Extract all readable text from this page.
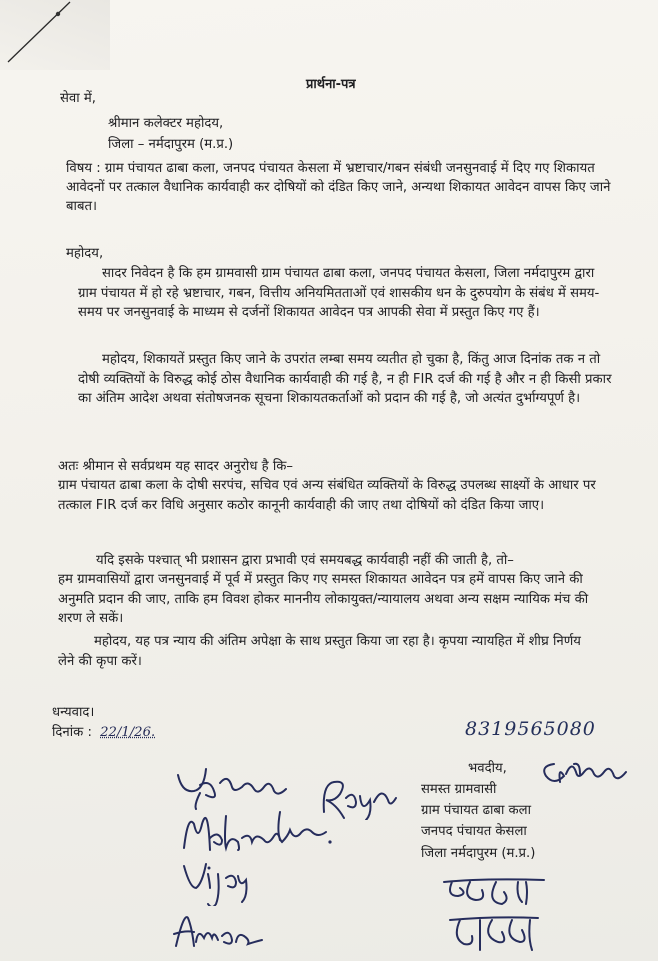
प्रार्थना-पत्र
सेवा में,
श्रीमान कलेक्टर महोदय,
जिला – नर्मदापुरम (म.प्र.)
विषय : ग्राम पंचायत ढाबा कला, जनपद पंचायत केसला में भ्रष्टाचार/गबन संबंधी जनसुनवाई में दिए गए शिकायत आवेदनों पर तत्काल वैधानिक कार्यवाही कर दोषियों को दंडित किए जाने, अन्यथा शिकायत आवेदन वापस किए जाने बाबत।
महोदय,
सादर निवेदन है कि हम ग्रामवासी ग्राम पंचायत ढाबा कला, जनपद पंचायत केसला, जिला नर्मदापुरम द्वारा ग्राम पंचायत में हो रहे भ्रष्टाचार, गबन, वित्तीय अनियमितताओं एवं शासकीय धन के दुरुपयोग के संबंध में समय-समय पर जनसुनवाई के माध्यम से दर्जनों शिकायत आवेदन पत्र आपकी सेवा में प्रस्तुत किए गए हैं।
महोदय, शिकायतें प्रस्तुत किए जाने के उपरांत लम्बा समय व्यतीत हो चुका है, किंतु आज दिनांक तक न तो दोषी व्यक्तियों के विरुद्ध कोई ठोस वैधानिक कार्यवाही की गई है, न ही FIR दर्ज की गई है और न ही किसी प्रकार का अंतिम आदेश अथवा संतोषजनक सूचना शिकायतकर्ताओं को प्रदान की गई है, जो अत्यंत दुर्भाग्यपूर्ण है।
अतः श्रीमान से सर्वप्रथम यह सादर अनुरोध है कि–
ग्राम पंचायत ढाबा कला के दोषी सरपंच, सचिव एवं अन्य संबंधित व्यक्तियों के विरुद्ध उपलब्ध साक्ष्यों के आधार पर तत्काल FIR दर्ज कर विधि अनुसार कठोर कानूनी कार्यवाही की जाए तथा दोषियों को दंडित किया जाए।
यदि इसके पश्चात् भी प्रशासन द्वारा प्रभावी एवं समयबद्ध कार्यवाही नहीं की जाती है, तो–
हम ग्रामवासियों द्वारा जनसुनवाई में पूर्व में प्रस्तुत किए गए समस्त शिकायत आवेदन पत्र हमें वापस किए जाने की अनुमति प्रदान की जाए, ताकि हम विवश होकर माननीय लोकायुक्त/न्यायालय अथवा अन्य सक्षम न्यायिक मंच की शरण ले सकें।
महोदय, यह पत्र न्याय की अंतिम अपेक्षा के साथ प्रस्तुत किया जा रहा है। कृपया न्यायहित में शीघ्र निर्णय लेने की कृपा करें।
धन्यवाद।
दिनांक : 22/1/26.	8319565080
भवदीय,
समस्त ग्रामवासी
ग्राम पंचायत ढाबा कला
जनपद पंचायत केसला
जिला नर्मदापुरम (म.प्र.)
